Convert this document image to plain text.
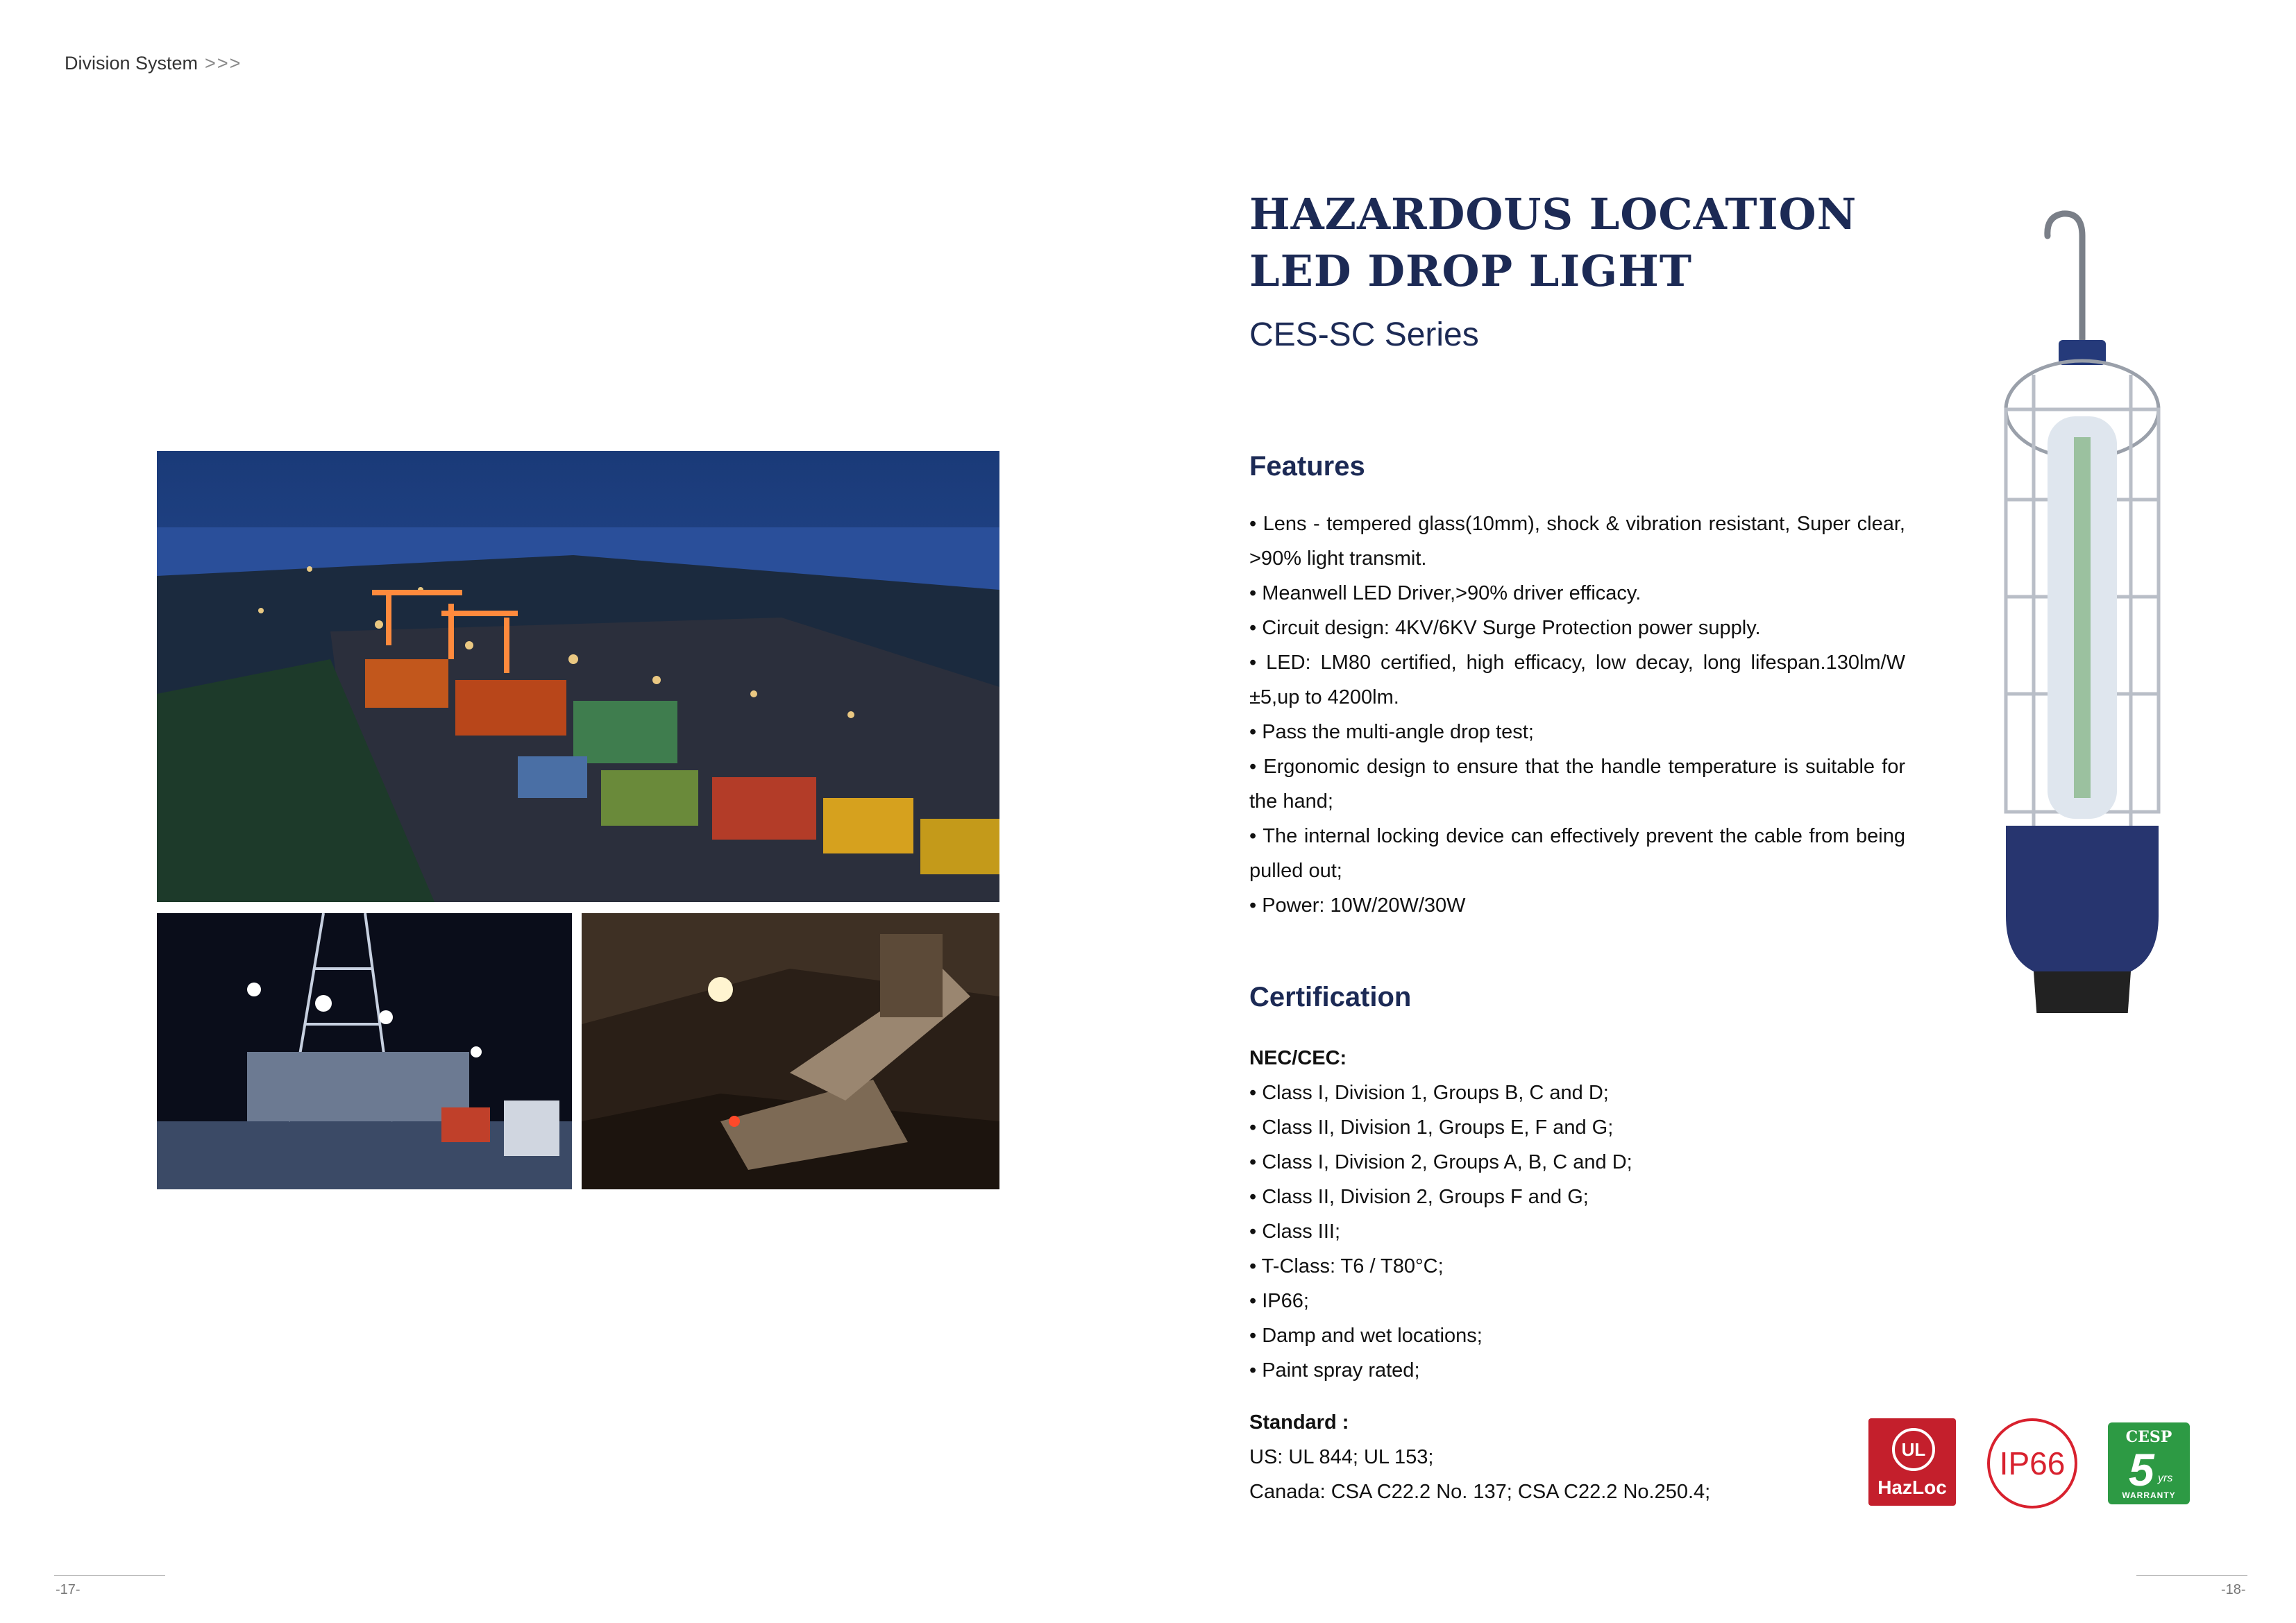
Division System >>>
HAZARDOUS LOCATION
LED DROP LIGHT
CES-SC Series
Features
• Lens - tempered glass(10mm), shock & vibration resistant, Super clear, >90% light transmit.
• Meanwell LED Driver,>90% driver efficacy.
• Circuit design: 4KV/6KV Surge Protection power supply.
• LED: LM80 certified, high efficacy, low decay, long lifespan.130lm/W ±5,up to 4200lm.
• Pass the multi-angle drop test;
• Ergonomic design to ensure that the handle temperature is suitable for the hand;
• The internal locking device can effectively prevent the cable from being pulled out;
• Power: 10W/20W/30W
Certification
NEC/CEC:
• Class I, Division 1, Groups B, C and D;
• Class II, Division 1, Groups E, F and G;
• Class I, Division 2, Groups A, B, C and D;
• Class II, Division 2, Groups F and G;
• Class III;
• T-Class: T6 / T80°C;
• IP66;
• Damp and wet locations;
• Paint spray rated;
Standard :
US: UL 844; UL 153;
Canada: CSA C22.2 No. 137; CSA C22.2 No.250.4;
UL
HazLoc
IP66
CESP
5 yrs
WARRANTY
-17-	-18-
